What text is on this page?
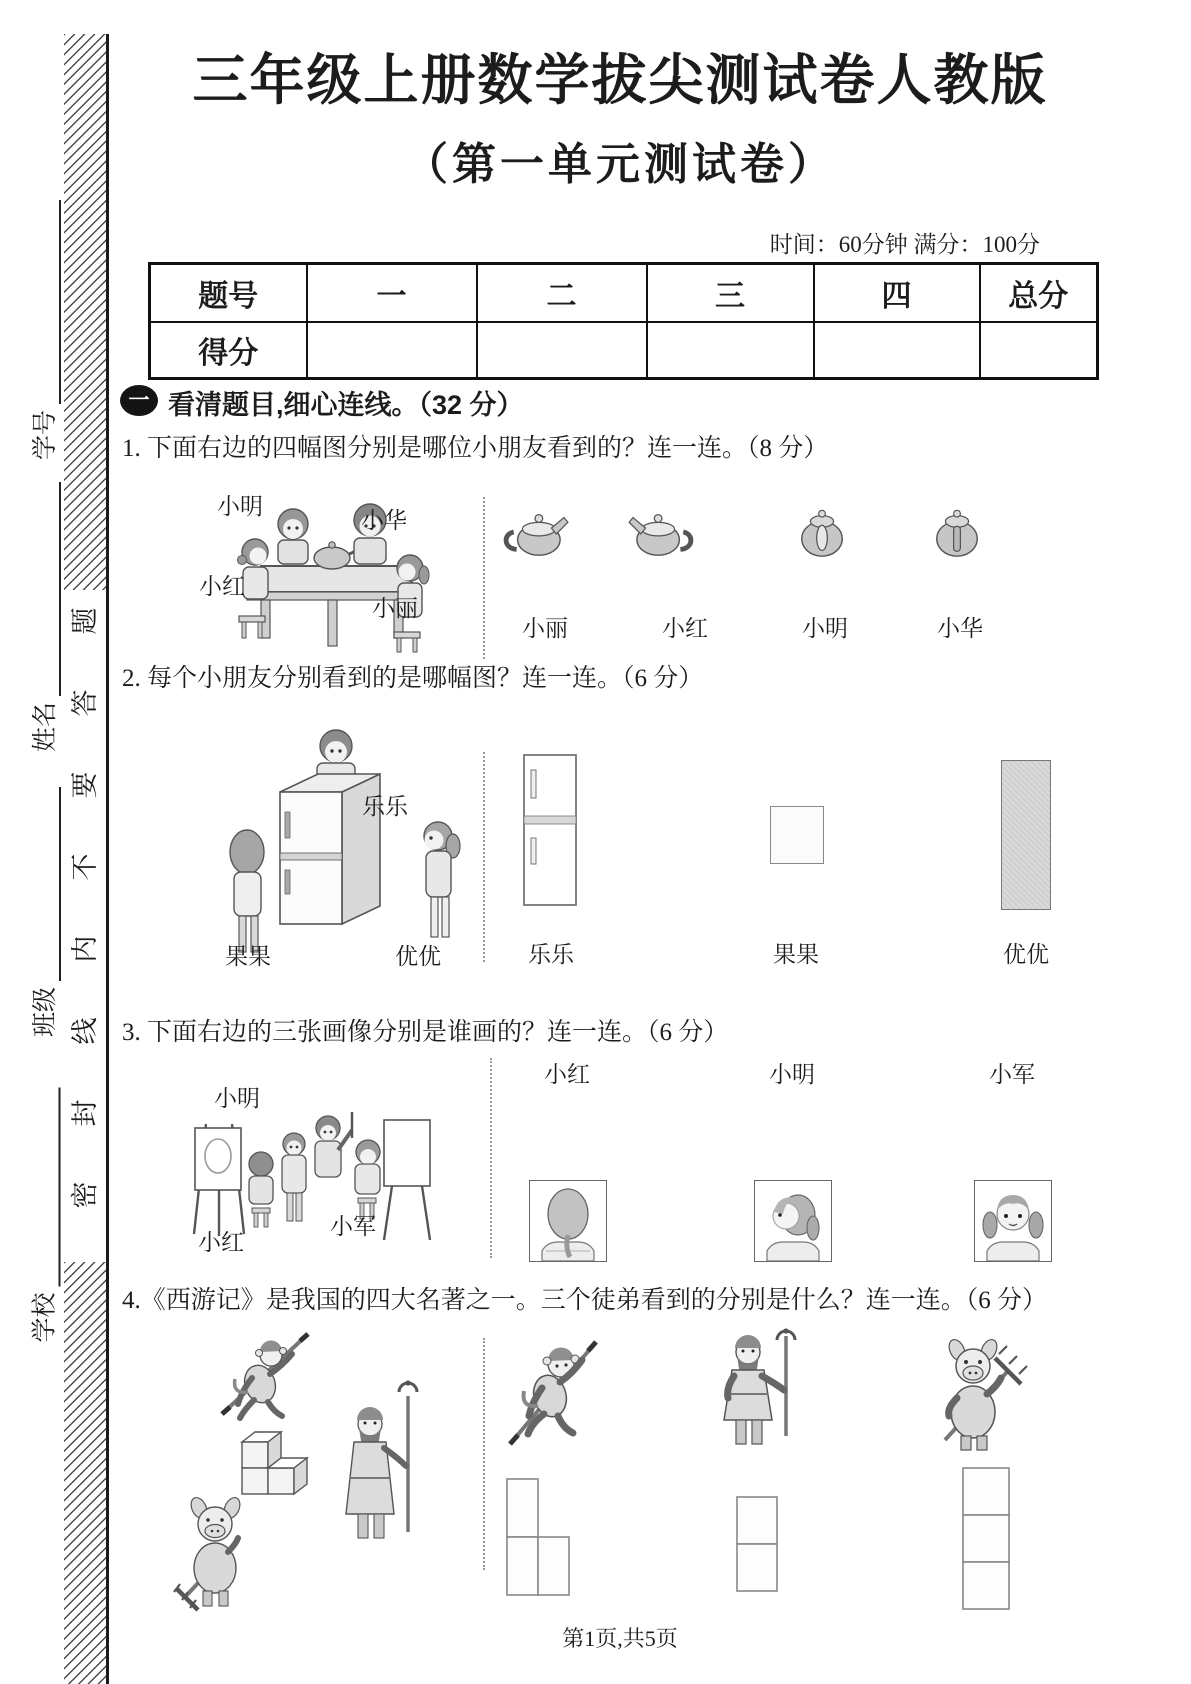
题
答
要
不
内
线
封
密
学号
姓名
班级
学校
三年级上册数学拔尖测试卷人教版
（第一单元测试卷）
时间：60分钟 满分：100分
题号	一	二	三	四	总分
得分					
一 看清题目,细心连线。（32 分）
1. 下面右边的四幅图分别是哪位小朋友看到的？连一连。（8 分）
小明
小华
小红
小丽
小丽	小红	小明	小华
2. 每个小朋友分别看到的是哪幅图？连一连。（6 分）
乐乐
果果	优优	乐乐	果果	优优
3. 下面右边的三张画像分别是谁画的？连一连。（6 分）
小红	小明	小军
小明
小红
小军
4.《西游记》是我国的四大名著之一。三个徒弟看到的分别是什么？连一连。（6 分）
第1页,共5页
